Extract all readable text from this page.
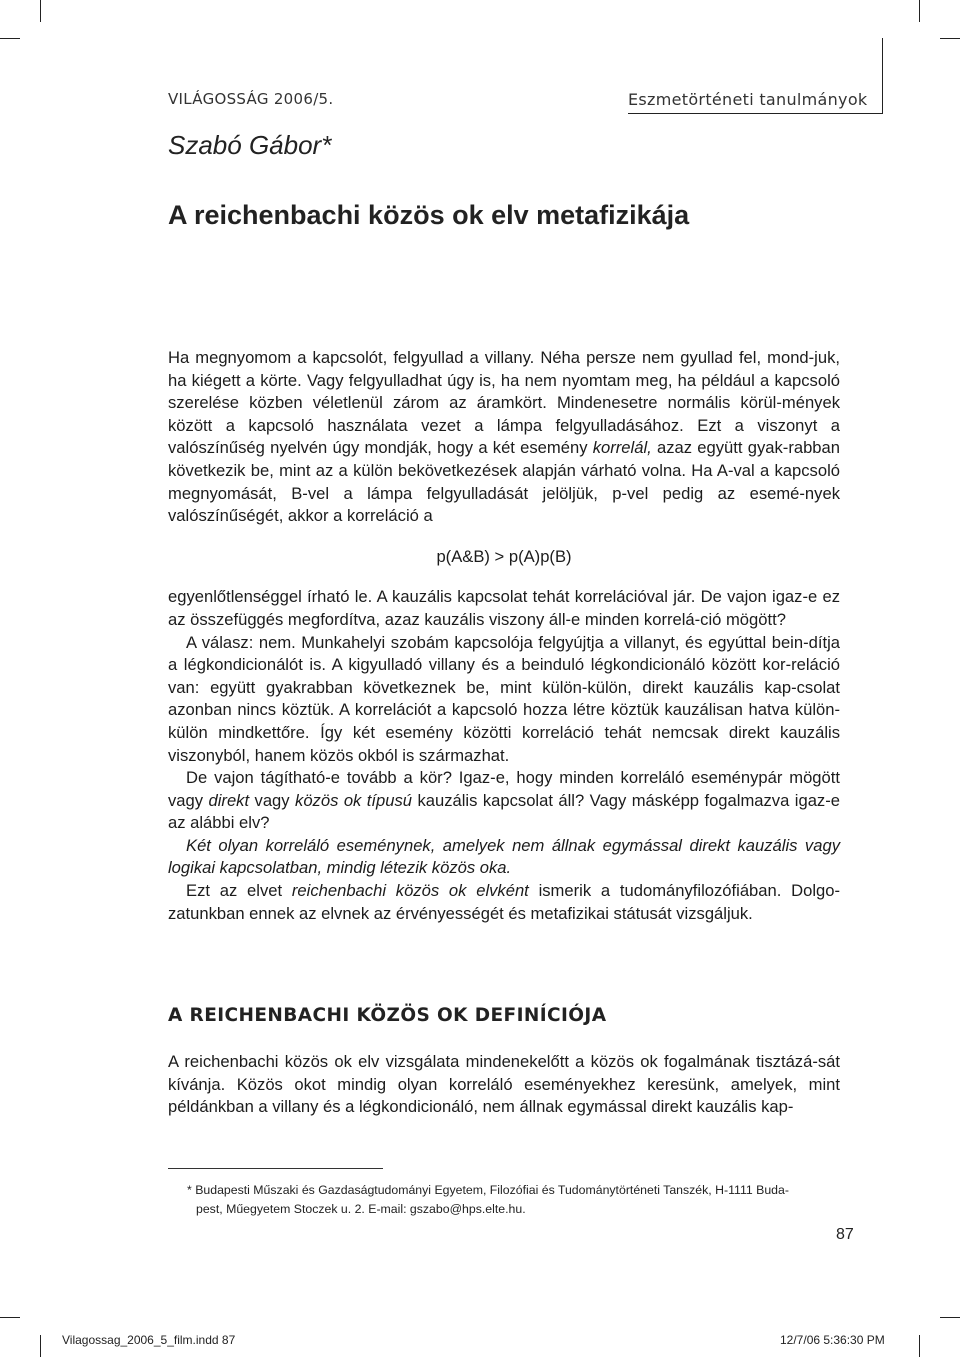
VILÁGOSSÁG 2006/5.	Eszmetörténeti tanulmányok
Szabó Gábor*
A reichenbachi közös ok elv metafizikája

Ha megnyomom a kapcsolót, felgyullad a villany. Néha persze nem gyullad fel, mond-juk, ha kiégett a körte. Vagy felgyulladhat úgy is, ha nem nyomtam meg, ha például a kapcsoló szerelése közben véletlenül zárom az áramkört. Mindenesetre normális körül-mények között a kapcsoló használata vezet a lámpa felgyulladásához. Ezt a viszonyt a valószínűség nyelvén úgy mondják, hogy a két esemény korrelál, azaz együtt gyak-rabban következik be, mint az a külön bekövetkezések alapján várható volna. Ha A-val a kapcsoló megnyomását, B-vel a lámpa felgyulladását jelöljük, p-vel pedig az esemé-nyek valószínűségét, akkor a korreláció a

p(A&B) > p(A)p(B)

egyenlőtlenséggel írható le. A kauzális kapcsolat tehát korrelációval jár. De vajon igaz-e ez az összefüggés megfordítva, azaz kauzális viszony áll-e minden korrelá-ció mögött?

A válasz: nem. Munkahelyi szobám kapcsolója felgyújtja a villanyt, és egyúttal bein-dítja a légkondicionálót is. A kigyulladó villany és a beinduló légkondicionáló között kor-reláció van: együtt gyakrabban következnek be, mint külön-külön, direkt kauzális kap-csolat azonban nincs köztük. A korrelációt a kapcsoló hozza létre köztük kauzálisan hatva külön-külön mindkettőre. Így két esemény közötti korreláció tehát nemcsak direkt kauzális viszonyból, hanem közös okból is származhat.

De vajon tágítható-e tovább a kör? Igaz-e, hogy minden korreláló eseménypár mögött vagy direkt vagy közös ok típusú kauzális kapcsolat áll? Vagy másképp fogalmazva igaz-e az alábbi elv?

Két olyan korreláló eseménynek, amelyek nem állnak egymással direkt kauzális vagy logikai kapcsolatban, mindig létezik közös oka.

Ezt az elvet reichenbachi közös ok elvként ismerik a tudományfilozófiában. Dolgo-zatunkban ennek az elvnek az érvényességét és metafizikai státusát vizsgáljuk.

A REICHENBACHI KÖZÖS OK DEFINÍCIÓJA

A reichenbachi közös ok elv vizsgálata mindenekelőtt a közös ok fogalmának tisztázá-sát kívánja. Közös okot mindig olyan korreláló eseményekhez keresünk, amelyek, mint példánkban a villany és a légkondicionáló, nem állnak egymással direkt kauzális kap-

* Budapesti Műszaki és Gazdaságtudományi Egyetem, Filozófiai és Tudománytörténeti Tanszék, H-1111 Buda-
pest, Műegyetem Stoczek u. 2. E-mail: gszabo@hps.elte.hu.
87
Vilagossag_2006_5_film.indd 87	12/7/06 5:36:30 PM
